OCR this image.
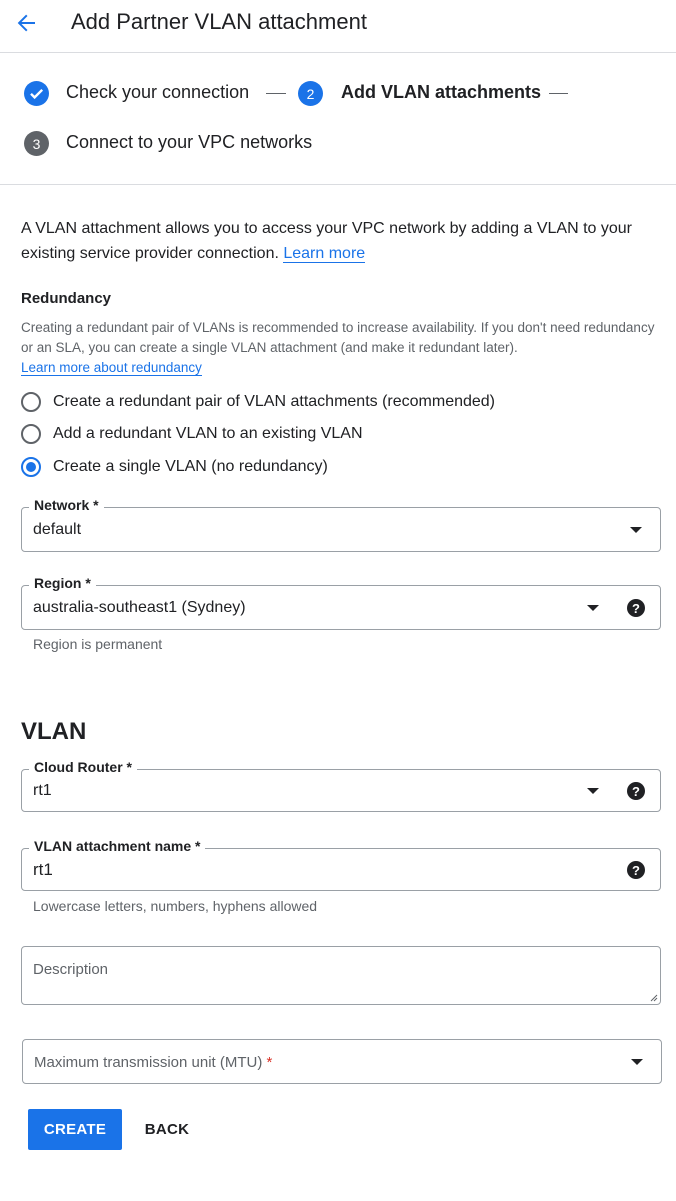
Add Partner VLAN attachment
Check your connection	2	Add VLAN attachments
3	Connect to your VPC networks
A VLAN attachment allows you to access your VPC network by adding a VLAN to your existing service provider connection. Learn more
Redundancy
Creating a redundant pair of VLANs is recommended to increase availability. If you don't need redundancy or an SLA, you can create a single VLAN attachment (and make it redundant later).
Learn more about redundancy
Create a redundant pair of VLAN attachments (recommended)
Add a redundant VLAN to an existing VLAN
Create a single VLAN (no redundancy)
Network *
default
Region *
australia-southeast1 (Sydney)	?
Region is permanent
VLAN
Cloud Router *
rt1	?
VLAN attachment name *
rt1	?
Lowercase letters, numbers, hyphens allowed
Description
Maximum transmission unit (MTU) *
CREATE	BACK
